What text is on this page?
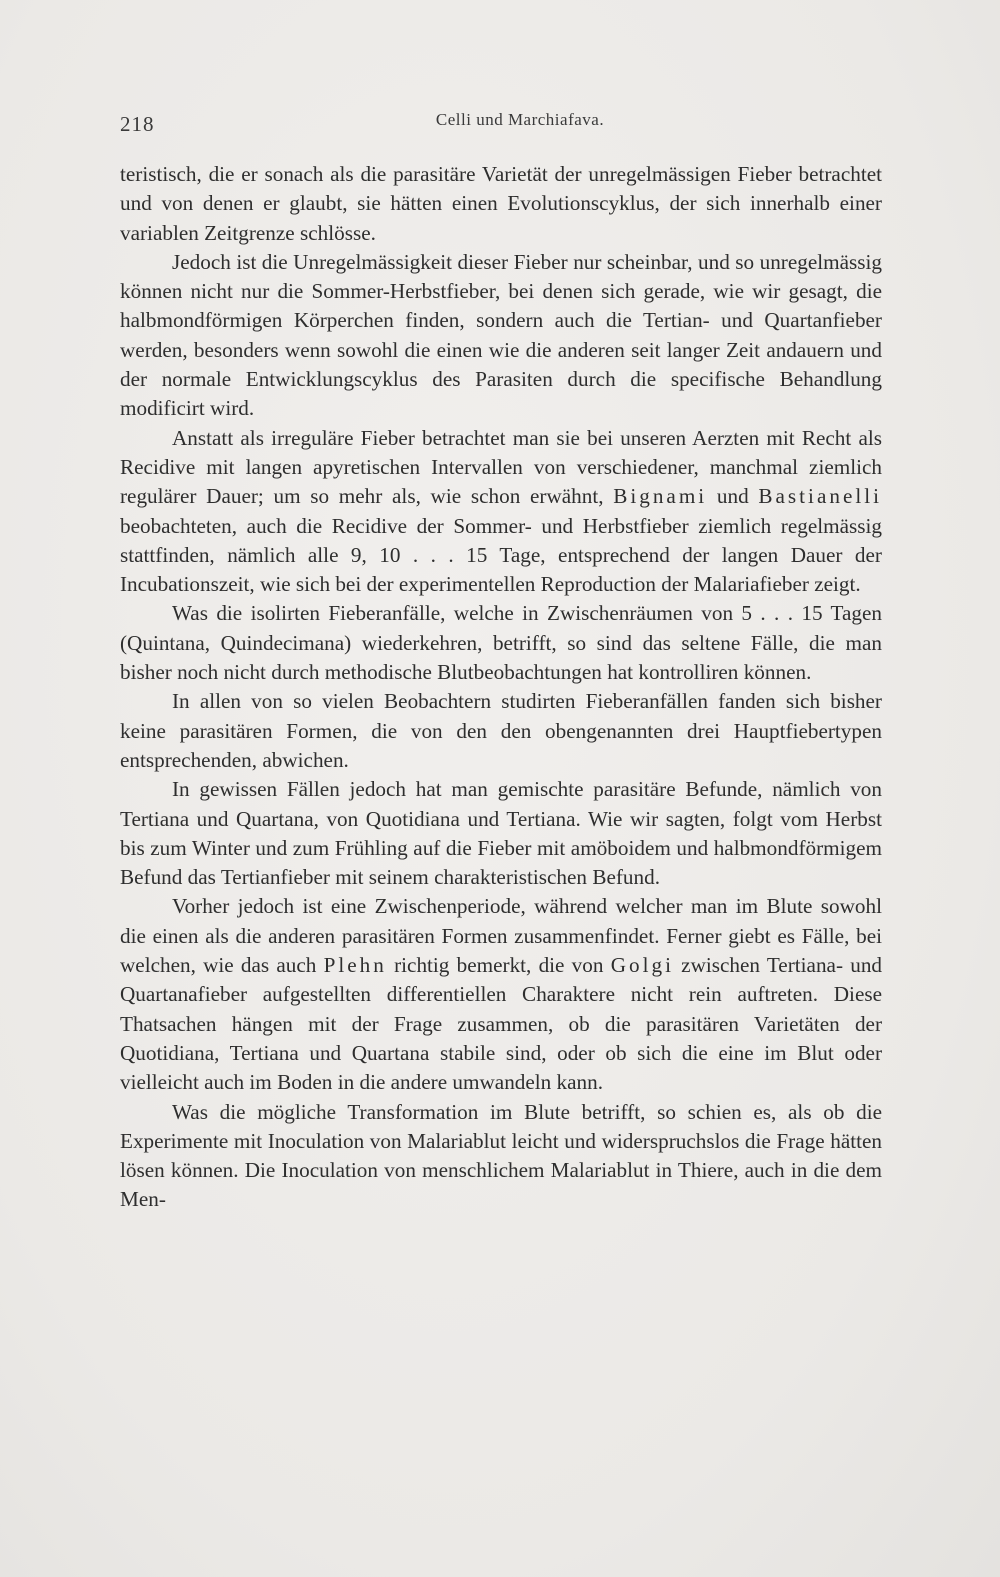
218	Celli und Marchiafava.

teristisch, die er sonach als die parasitäre Varietät der unregelmässigen Fieber betrachtet und von denen er glaubt, sie hätten einen Evolutionscyklus, der sich innerhalb einer variablen Zeitgrenze schlösse.

Jedoch ist die Unregelmässigkeit dieser Fieber nur scheinbar, und so unregelmässig können nicht nur die Sommer-Herbstfieber, bei denen sich gerade, wie wir gesagt, die halbmondförmigen Körperchen finden, sondern auch die Tertian- und Quartanfieber werden, besonders wenn sowohl die einen wie die anderen seit langer Zeit andauern und der normale Entwicklungscyklus des Parasiten durch die specifische Behandlung modificirt wird.

Anstatt als irreguläre Fieber betrachtet man sie bei unseren Aerzten mit Recht als Recidive mit langen apyretischen Intervallen von verschiedener, manchmal ziemlich regulärer Dauer; um so mehr als, wie schon erwähnt, Bignami und Bastianelli beobachteten, auch die Recidive der Sommer- und Herbstfieber ziemlich regelmässig stattfinden, nämlich alle 9, 10 . . . 15 Tage, entsprechend der langen Dauer der Incubationszeit, wie sich bei der experimentellen Reproduction der Malariafieber zeigt.

Was die isolirten Fieberanfälle, welche in Zwischenräumen von 5 . . . 15 Tagen (Quintana, Quindecimana) wiederkehren, betrifft, so sind das seltene Fälle, die man bisher noch nicht durch methodische Blutbeobachtungen hat kontrolliren können.

In allen von so vielen Beobachtern studirten Fieberanfällen fanden sich bisher keine parasitären Formen, die von den den obengenannten drei Hauptfiebertypen entsprechenden, abwichen.

In gewissen Fällen jedoch hat man gemischte parasitäre Befunde, nämlich von Tertiana und Quartana, von Quotidiana und Tertiana. Wie wir sagten, folgt vom Herbst bis zum Winter und zum Frühling auf die Fieber mit amöboidem und halbmondförmigem Befund das Tertianfieber mit seinem charakteristischen Befund.

Vorher jedoch ist eine Zwischenperiode, während welcher man im Blute sowohl die einen als die anderen parasitären Formen zusammenfindet. Ferner giebt es Fälle, bei welchen, wie das auch Plehn richtig bemerkt, die von Golgi zwischen Tertiana- und Quartanafieber aufgestellten differentiellen Charaktere nicht rein auftreten. Diese Thatsachen hängen mit der Frage zusammen, ob die parasitären Varietäten der Quotidiana, Tertiana und Quartana stabile sind, oder ob sich die eine im Blut oder vielleicht auch im Boden in die andere umwandeln kann.

Was die mögliche Transformation im Blute betrifft, so schien es, als ob die Experimente mit Inoculation von Malariablut leicht und widerspruchslos die Frage hätten lösen können. Die Inoculation von menschlichem Malariablut in Thiere, auch in die dem Men-
